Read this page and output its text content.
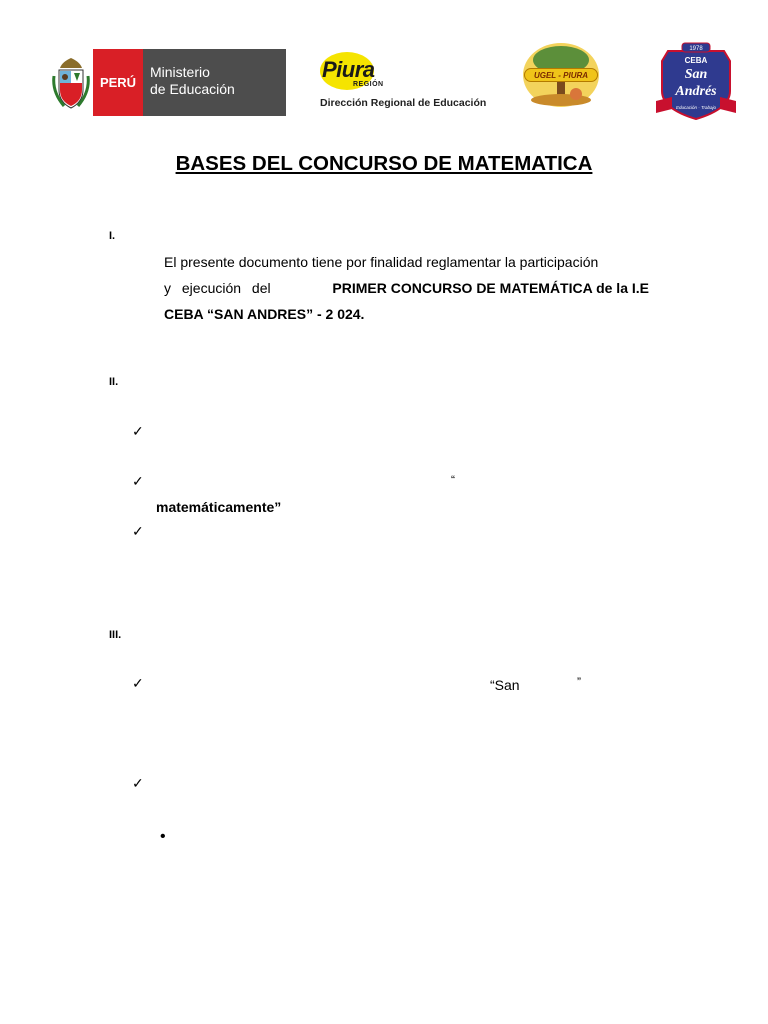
PERÚ
Ministerio
de Educación
Piura
REGIÓN
Dirección Regional de Educación
UGEL - PIURA
1978
CEBA
San
Andrés
Educación · Trabajo
BASES DEL CONCURSO DE MATEMATICA
I.
El presente documento tiene por finalidad reglamentar la participación
y ejecución del	PRIMER CONCURSO DE MATEMÁTICA de la I.E
CEBA “SAN ANDRES” - 2 024.
II.
✓
✓	“
matemáticamente”
✓
III.
✓	“San	”
✓
•
